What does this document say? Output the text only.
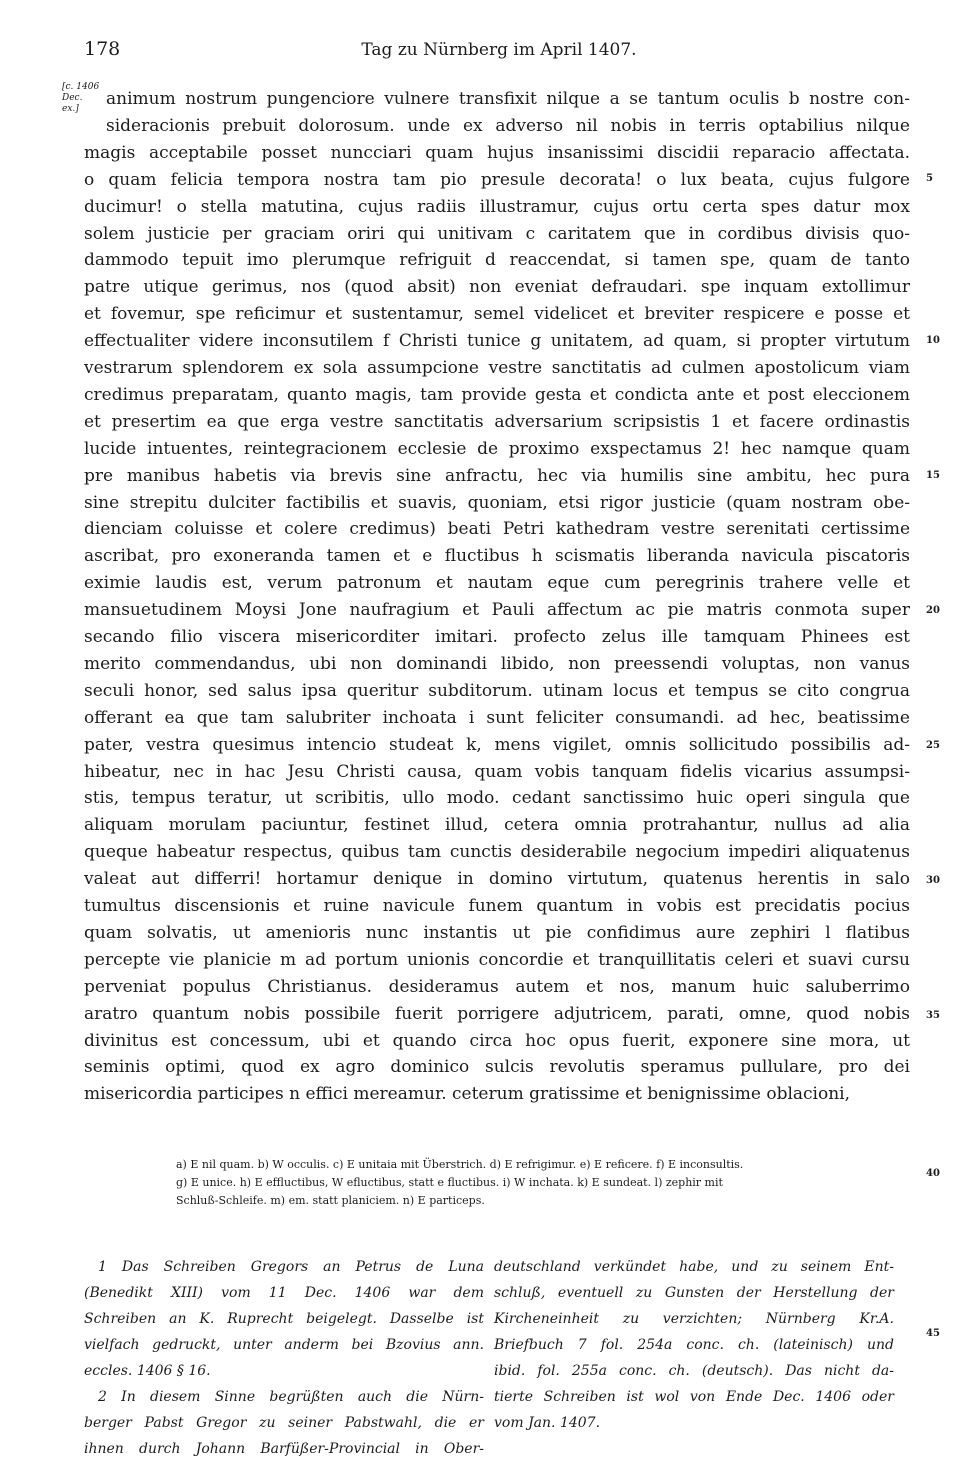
178	Tag zu Nürnberg im April 1407.
[c. 1406
Dec. ex.]	animum nostrum pungenciore vulnere transfixit nilque a se tantum oculis b nostre con-
sideracionis prebuit dolorosum. unde ex adverso nil nobis in terris optabilius nilque
magis acceptabile posset nuncciari quam hujus insanissimi discidii reparacio affectata.
o quam felicia tempora nostra tam pio presule decorata! o lux beata, cujus fulgore
ducimur! o stella matutina, cujus radiis illustramur, cujus ortu certa spes datur mox
solem justicie per graciam oriri qui unitivam c caritatem que in cordibus divisis quo-
dammodo tepuit imo plerumque refriguit d reaccendat, si tamen spe, quam de tanto
patre utique gerimus, nos (quod absit) non eveniat defraudari. spe inquam extollimur
et fovemur, spe reficimur et sustentamur, semel videlicet et breviter respicere e posse et
effectualiter videre inconsutilem f Christi tunice g unitatem, ad quam, si propter virtutum
vestrarum splendorem ex sola assumpcione vestre sanctitatis ad culmen apostolicum viam
credimus preparatam, quanto magis, tam provide gesta et condicta ante et post eleccionem
et presertim ea que erga vestre sanctitatis adversarium scripsistis 1 et facere ordinastis
lucide intuentes, reintegracionem ecclesie de proximo exspectamus 2! hec namque quam
pre manibus habetis via brevis sine anfractu, hec via humilis sine ambitu, hec pura
sine strepitu dulciter factibilis et suavis, quoniam, etsi rigor justicie (quam nostram obe-
dienciam coluisse et colere credimus) beati Petri kathedram vestre serenitati certissime
ascribat, pro exoneranda tamen et e fluctibus h scismatis liberanda navicula piscatoris
eximie laudis est, verum patronum et nautam eque cum peregrinis trahere velle et
mansuetudinem Moysi Jone naufragium et Pauli affectum ac pie matris conmota super
secando filio viscera misericorditer imitari. profecto zelus ille tamquam Phinees est
merito commendandus, ubi non dominandi libido, non preessendi voluptas, non vanus
seculi honor, sed salus ipsa queritur subditorum. utinam locus et tempus se cito congrua
offerant ea que tam salubriter inchoata i sunt feliciter consumandi. ad hec, beatissime
pater, vestra quesimus intencio studeat k, mens vigilet, omnis sollicitudo possibilis ad-
hibeatur, nec in hac Jesu Christi causa, quam vobis tanquam fidelis vicarius assumpsi-
stis, tempus teratur, ut scribitis, ullo modo. cedant sanctissimo huic operi singula que
aliquam morulam paciuntur, festinet illud, cetera omnia protrahantur, nullus ad alia
queque habeatur respectus, quibus tam cunctis desiderabile negocium impediri aliquatenus
valeat aut differri! hortamur denique in domino virtutum, quatenus herentis in salo
tumultus discensionis et ruine navicule funem quantum in vobis est precidatis pocius
quam solvatis, ut amenioris nunc instantis ut pie confidimus aure zephiri l flatibus
percepte vie planicie m ad portum unionis concordie et tranquillitatis celeri et suavi cursu
perveniat populus Christianus. desideramus autem et nos, manum huic saluberrimo
aratro quantum nobis possibile fuerit porrigere adjutricem, parati, omne, quod nobis
divinitus est concessum, ubi et quando circa hoc opus fuerit, exponere sine mora, ut
seminis optimi, quod ex agro dominico sulcis revolutis speramus pullulare, pro dei
misericordia participes n effici mereamur. ceterum gratissime et benignissime oblacioni,
5
10
15
20
25
30
35
40
45
a) E nil quam. b) W occulis. c) E unitaia mit Überstrich. d) E refrigimur. e) E reficere. f) E inconsultis.
g) E unice. h) E effluctibus, W efluctibus, statt e fluctibus. i) W inchata. k) E sundeat. l) zephir mit
Schluß-Schleife. m) em. statt planiciem. n) E particeps.
1 Das Schreiben Gregors an Petrus de Luna
(Benedikt XIII) vom 11 Dec. 1406 war dem
Schreiben an K. Ruprecht beigelegt. Dasselbe ist
vielfach gedruckt, unter anderm bei Bzovius ann.
eccles. 1406 § 16.
2 In diesem Sinne begrüßten auch die Nürn-
berger Pabst Gregor zu seiner Pabstwahl, die er
ihnen durch Johann Barfüßer-Provincial in Ober-
deutschland verkündet habe, und zu seinem Ent-
schluß, eventuell zu Gunsten der Herstellung der
Kircheneinheit zu verzichten; Nürnberg Kr.A.
Briefbuch 7 fol. 254a conc. ch. (lateinisch) und
ibid. fol. 255a conc. ch. (deutsch). Das nicht da-
tierte Schreiben ist wol von Ende Dec. 1406 oder
vom Jan. 1407.
